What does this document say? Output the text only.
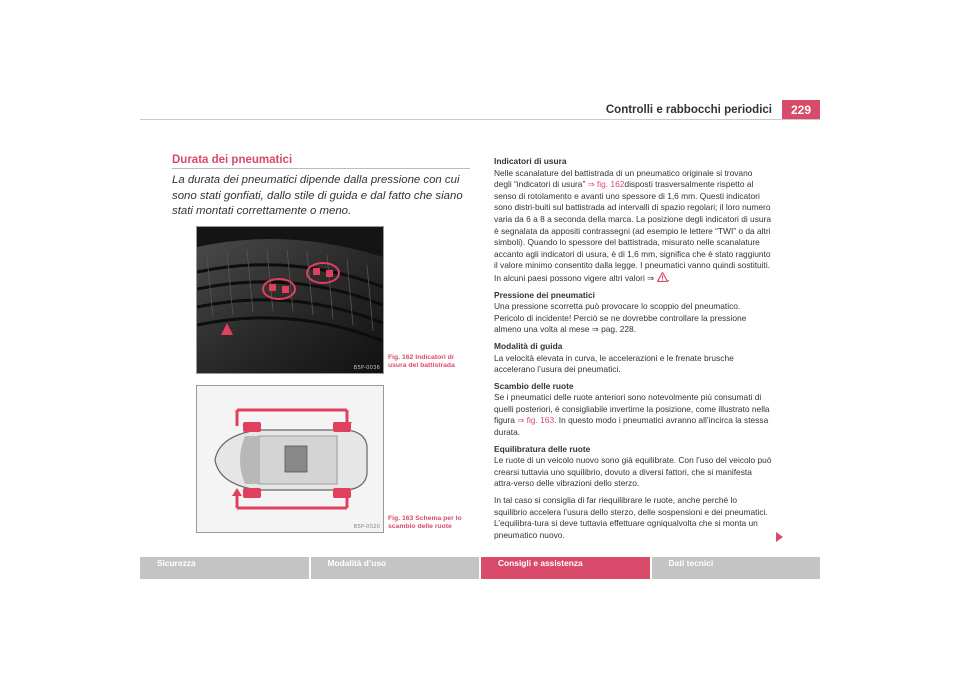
Controlli e rabbocchi periodici	229
Durata dei pneumatici
La durata dei pneumatici dipende dalla pressione con cui sono stati gonfiati, dallo stile di guida e dal fatto che siano stati montati correttamente o meno.
B5P-0036
Fig. 162 Indicatori di usura del battistrada
B5P-0020
Fig. 163 Schema per lo scambio delle ruote

Indicatori di usura

Nelle scanalature del battistrada di un pneumatico originale si trovano degli “indicatori di usura” ⇒ fig. 162disposti trasversalmente rispetto al senso di rotolamento e avanti uno spessore di 1,6 mm. Questi indicatori sono distri-buiti sul battistrada ad intervalli di spazio regolari; il loro numero varia da 6 a 8 a seconda della marca. La posizione degli indicatori di usura è segnalata da appositi contrassegni (ad esempio le lettere “TWI” o da altri simboli). Quando lo spessore del battistrada, misurato nelle scanalature accanto agli indicatori di usura, è di 1,6 mm, significa che è stato raggiunto il valore minimo consentito dalla legge. I pneumatici vanno quindi sostituiti. In alcuni paesi possono vigere altri valori ⇒ .

Pressione dei pneumatici

Una pressione scorretta può provocare lo scoppio del pneumatico. Pericolo di incidente! Perciò se ne dovrebbe controllare la pressione almeno una volta al mese ⇒ pag. 228.

Modalità di guida

La velocità elevata in curva, le accelerazioni e le frenate brusche accelerano l’usura dei pneumatici.

Scambio delle ruote

Se i pneumatici delle ruote anteriori sono notevolmente più consumati di quelli posteriori, è consigliabile invertirne la posizione, come illustrato nella figura ⇒ fig. 163. In questo modo i pneumatici avranno all’incirca la stessa durata.

Equilibratura delle ruote

Le ruote di un veicolo nuovo sono già equilibrate. Con l’uso del veicolo può crearsi tuttavia uno squilibrio, dovuto a diversi fattori, che si manifesta attra-verso delle vibrazioni dello sterzo.

In tal caso si consiglia di far riequilibrare le ruote, anche perché lo squilibrio accelera l’usura dello sterzo, delle sospensioni e dei pneumatici. L’equilibra-tura si deve tuttavia effettuare ogniqualvolta che si monta un pneumatico nuovo.

Sicurezza	Modalità d’uso	Consigli e assistenza	Dati tecnici
